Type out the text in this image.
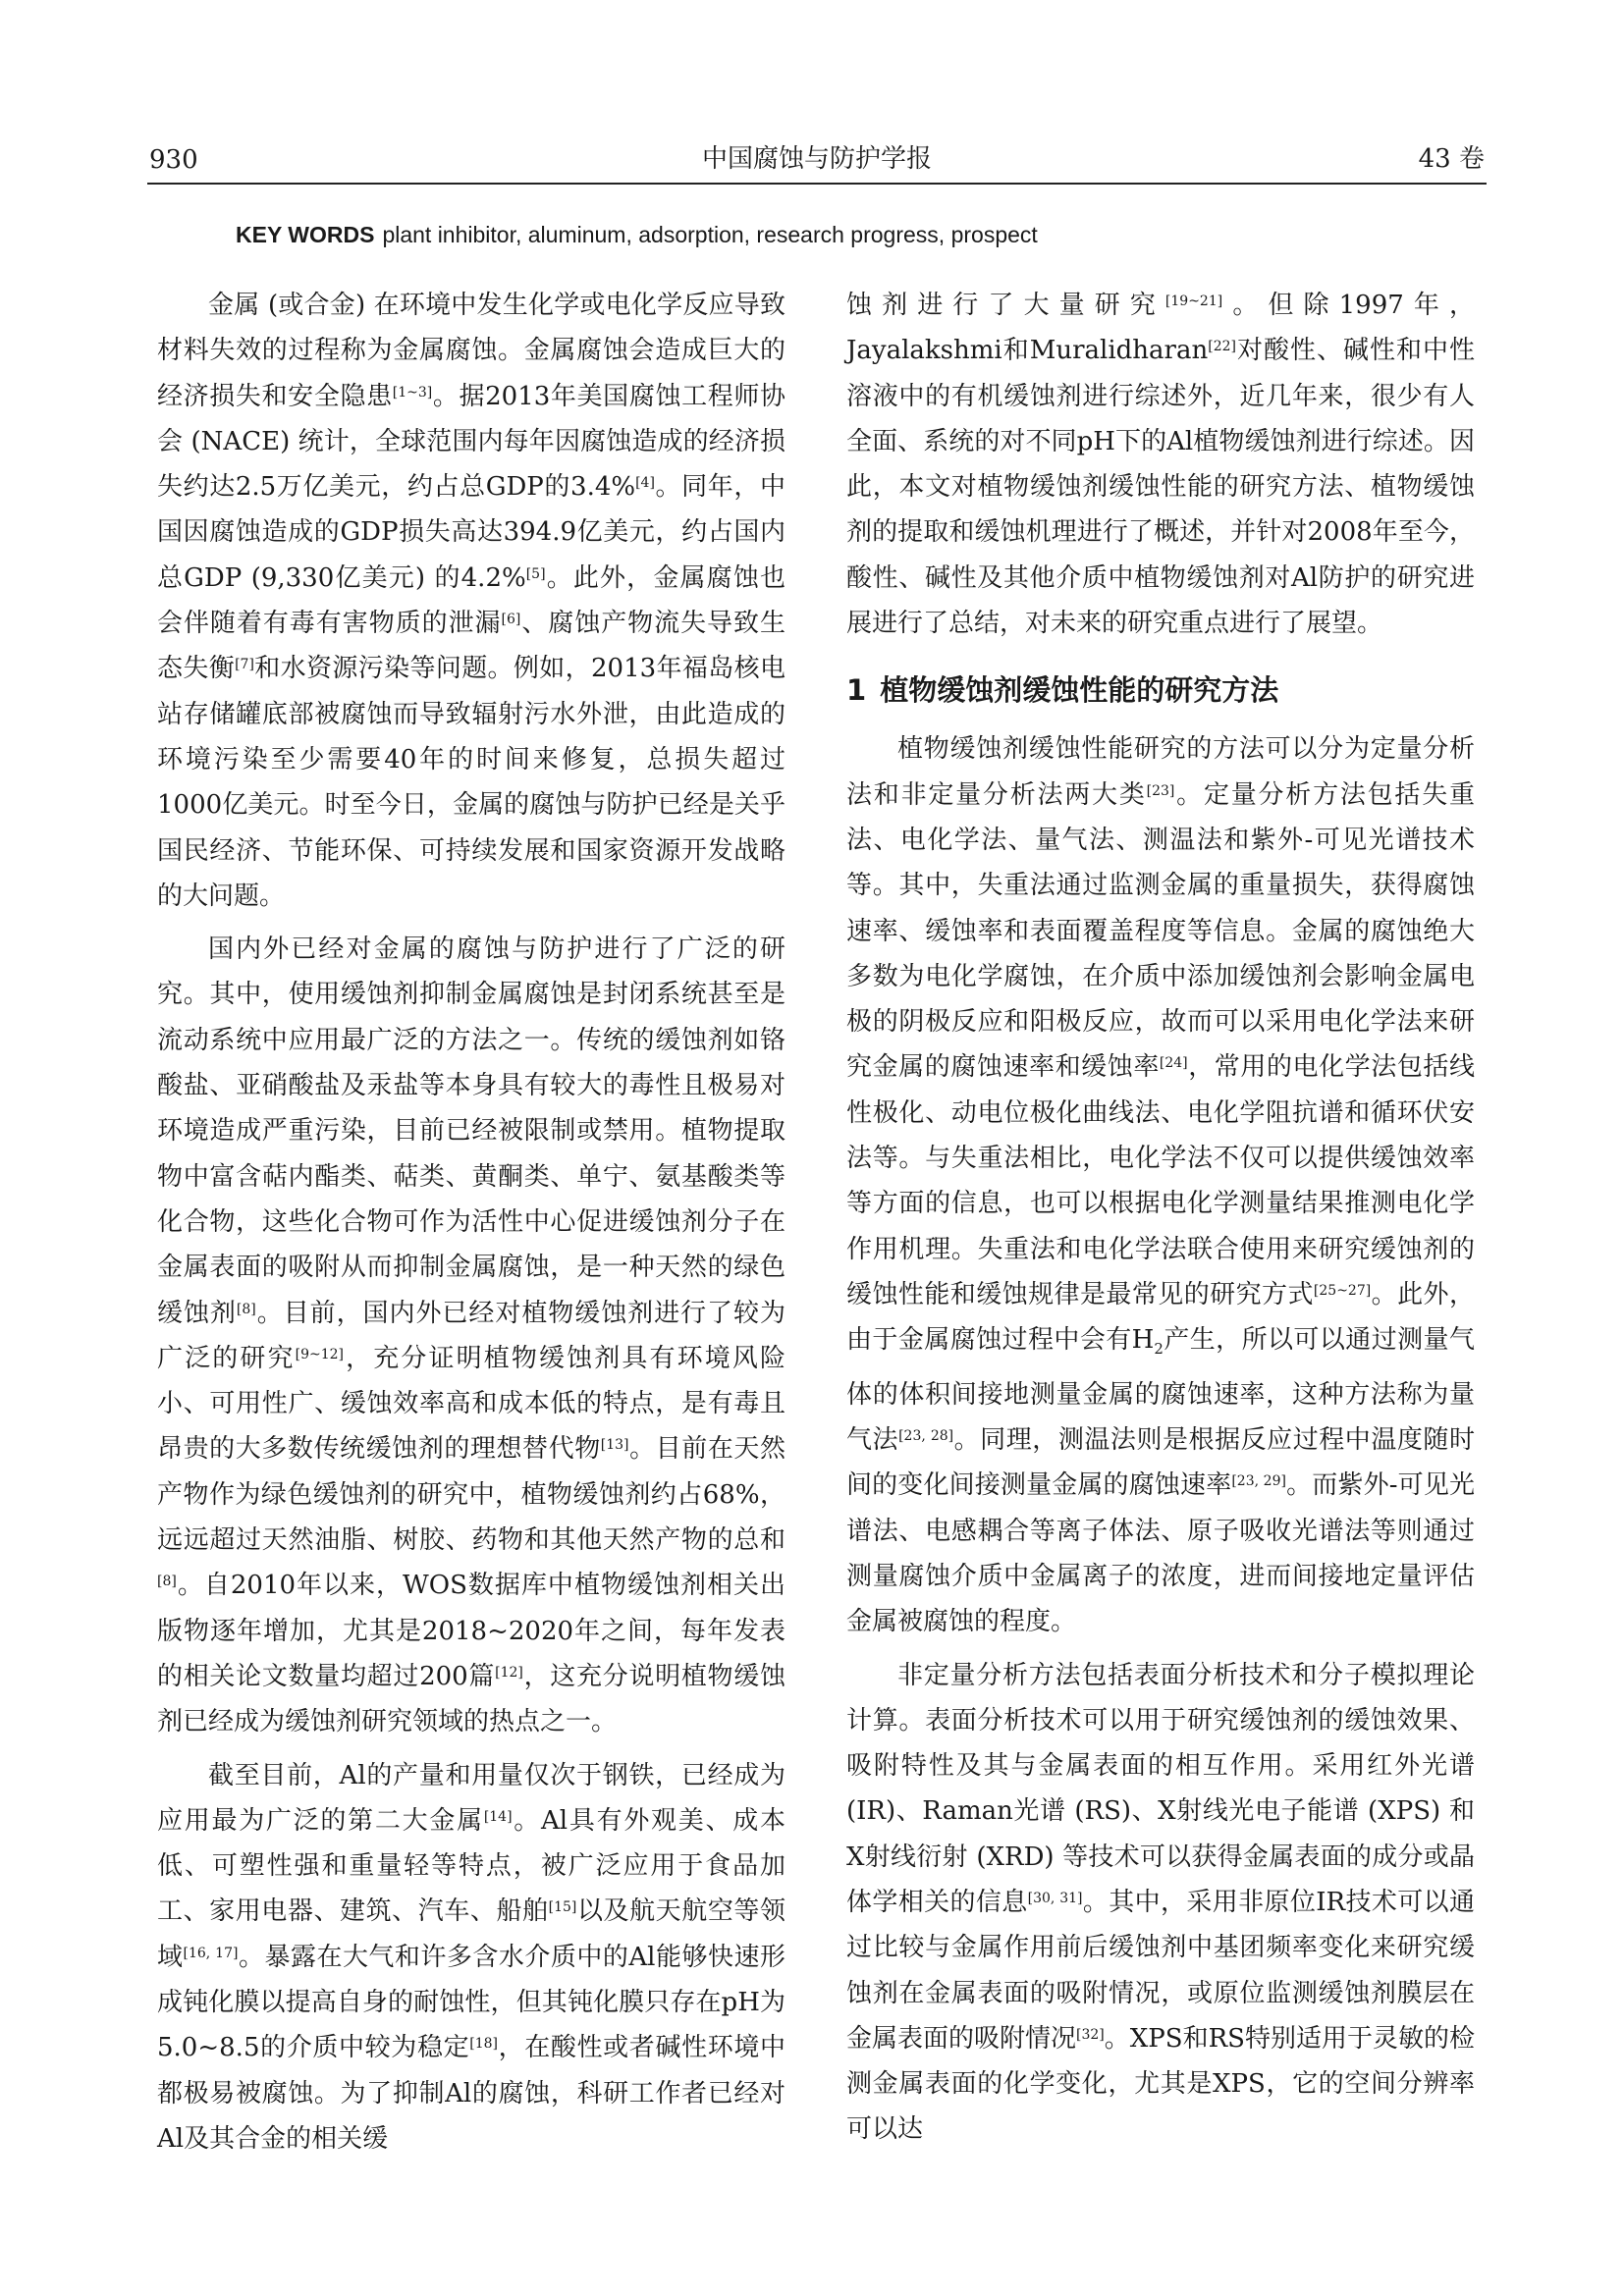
930	中国腐蚀与防护学报	43 卷
KEY WORDS plant inhibitor, aluminum, adsorption, research progress, prospect

金属 (或合金) 在环境中发生化学或电化学反应导致材料失效的过程称为金属腐蚀。金属腐蚀会造成巨大的经济损失和安全隐患[1~3]。据2013年美国腐蚀工程师协会 (NACE) 统计，全球范围内每年因腐蚀造成的经济损失约达2.5万亿美元，约占总GDP的3.4%[4]。同年，中国因腐蚀造成的GDP损失高达394.9亿美元，约占国内总GDP (9,330亿美元) 的4.2%[5]。此外，金属腐蚀也会伴随着有毒有害物质的泄漏[6]、腐蚀产物流失导致生态失衡[7]和水资源污染等问题。例如，2013年福岛核电站存储罐底部被腐蚀而导致辐射污水外泄，由此造成的环境污染至少需要40年的时间来修复，总损失超过1000亿美元。时至今日，金属的腐蚀与防护已经是关乎国民经济、节能环保、可持续发展和国家资源开发战略的大问题。

国内外已经对金属的腐蚀与防护进行了广泛的研究。其中，使用缓蚀剂抑制金属腐蚀是封闭系统甚至是流动系统中应用最广泛的方法之一。传统的缓蚀剂如铬酸盐、亚硝酸盐及汞盐等本身具有较大的毒性且极易对环境造成严重污染，目前已经被限制或禁用。植物提取物中富含萜内酯类、萜类、黄酮类、单宁、氨基酸类等化合物，这些化合物可作为活性中心促进缓蚀剂分子在金属表面的吸附从而抑制金属腐蚀，是一种天然的绿色缓蚀剂[8]。目前，国内外已经对植物缓蚀剂进行了较为广泛的研究[9~12]，充分证明植物缓蚀剂具有环境风险小、可用性广、缓蚀效率高和成本低的特点，是有毒且昂贵的大多数传统缓蚀剂的理想替代物[13]。目前在天然产物作为绿色缓蚀剂的研究中，植物缓蚀剂约占68%，远远超过天然油脂、树胶、药物和其他天然产物的总和[8]。自2010年以来，WOS数据库中植物缓蚀剂相关出版物逐年增加，尤其是2018~2020年之间，每年发表的相关论文数量均超过200篇[12]，这充分说明植物缓蚀剂已经成为缓蚀剂研究领域的热点之一。

截至目前，Al的产量和用量仅次于钢铁，已经成为应用最为广泛的第二大金属[14]。Al具有外观美、成本低、可塑性强和重量轻等特点，被广泛应用于食品加工、家用电器、建筑、汽车、船舶[15]以及航天航空等领域[16, 17]。暴露在大气和许多含水介质中的Al能够快速形成钝化膜以提高自身的耐蚀性，但其钝化膜只存在pH为5.0~8.5的介质中较为稳定[18]，在酸性或者碱性环境中都极易被腐蚀。为了抑制Al的腐蚀，科研工作者已经对Al及其合金的相关缓

蚀剂进行了大量研究[19~21]。但除1997年，Jayalakshmi和Muralidharan[22]对酸性、碱性和中性溶液中的有机缓蚀剂进行综述外，近几年来，很少有人全面、系统的对不同pH下的Al植物缓蚀剂进行综述。因此，本文对植物缓蚀剂缓蚀性能的研究方法、植物缓蚀剂的提取和缓蚀机理进行了概述，并针对2008年至今，酸性、碱性及其他介质中植物缓蚀剂对Al防护的研究进展进行了总结，对未来的研究重点进行了展望。

1 植物缓蚀剂缓蚀性能的研究方法

植物缓蚀剂缓蚀性能研究的方法可以分为定量分析法和非定量分析法两大类[23]。定量分析方法包括失重法、电化学法、量气法、测温法和紫外-可见光谱技术等。其中，失重法通过监测金属的重量损失，获得腐蚀速率、缓蚀率和表面覆盖程度等信息。金属的腐蚀绝大多数为电化学腐蚀，在介质中添加缓蚀剂会影响金属电极的阴极反应和阳极反应，故而可以采用电化学法来研究金属的腐蚀速率和缓蚀率[24]，常用的电化学法包括线性极化、动电位极化曲线法、电化学阻抗谱和循环伏安法等。与失重法相比，电化学法不仅可以提供缓蚀效率等方面的信息，也可以根据电化学测量结果推测电化学作用机理。失重法和电化学法联合使用来研究缓蚀剂的缓蚀性能和缓蚀规律是最常见的研究方式[25~27]。此外，由于金属腐蚀过程中会有$H_2$产生，所以可以通过测量气体的体积间接地测量金属的腐蚀速率，这种方法称为量气法[23, 28]。同理，测温法则是根据反应过程中温度随时间的变化间接测量金属的腐蚀速率[23, 29]。而紫外-可见光谱法、电感耦合等离子体法、原子吸收光谱法等则通过测量腐蚀介质中金属离子的浓度，进而间接地定量评估金属被腐蚀的程度。

非定量分析方法包括表面分析技术和分子模拟理论计算。表面分析技术可以用于研究缓蚀剂的缓蚀效果、吸附特性及其与金属表面的相互作用。采用红外光谱 (IR)、Raman光谱 (RS)、X射线光电子能谱 (XPS) 和X射线衍射 (XRD) 等技术可以获得金属表面的成分或晶体学相关的信息[30, 31]。其中，采用非原位IR技术可以通过比较与金属作用前后缓蚀剂中基团频率变化来研究缓蚀剂在金属表面的吸附情况，或原位监测缓蚀剂膜层在金属表面的吸附情况[32]。XPS和RS特别适用于灵敏的检测金属表面的化学变化，尤其是XPS，它的空间分辨率可以达
